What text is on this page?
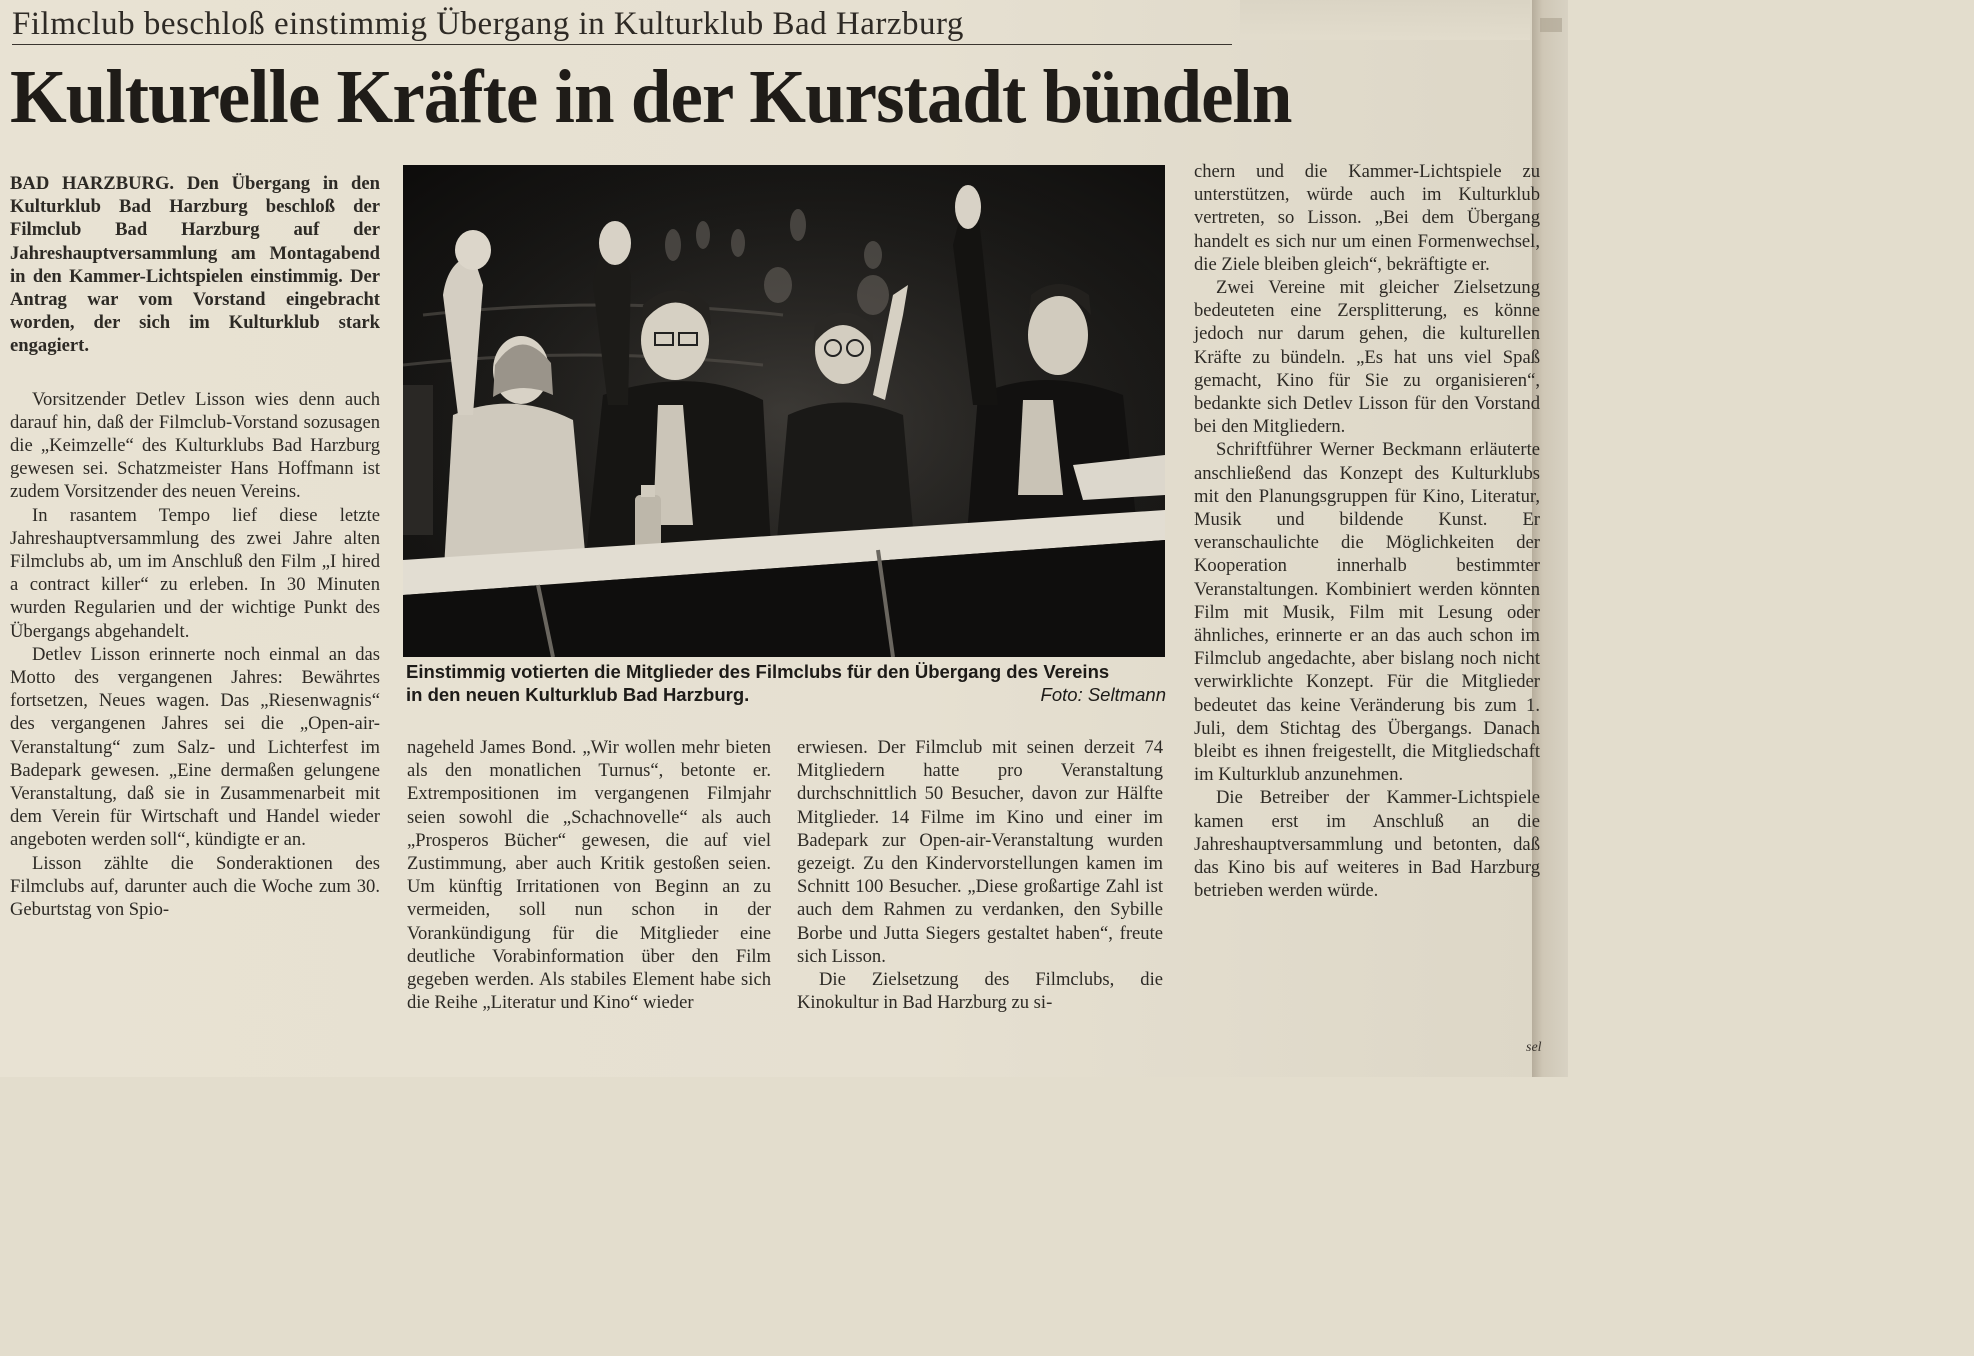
Filmclub beschloß einstimmig Übergang in Kulturklub Bad Harzburg
Kulturelle Kräfte in der Kurstadt bündeln

BAD HARZBURG. Den Übergang in den Kulturklub Bad Harzburg beschloß der Filmclub Bad Harzburg auf der Jahreshauptversammlung am Montagabend in den Kammer-Lichtspielen einstimmig. Der Antrag war vom Vorstand eingebracht worden, der sich im Kulturklub stark engagiert.

Vorsitzender Detlev Lisson wies denn auch darauf hin, daß der Filmclub-Vorstand sozusagen die „Keimzelle“ des Kulturklubs Bad Harzburg gewesen sei. Schatzmeister Hans Hoffmann ist zudem Vorsitzender des neuen Vereins.

In rasantem Tempo lief diese letzte Jahreshauptversammlung des zwei Jahre alten Filmclubs ab, um im Anschluß den Film „I hired a contract killer“ zu erleben. In 30 Minuten wurden Regularien und der wichtige Punkt des Übergangs abgehandelt.

Detlev Lisson erinnerte noch einmal an das Motto des vergangenen Jahres: Bewährtes fortsetzen, Neues wagen. Das „Riesenwagnis“ des vergangenen Jahres sei die „Open-air-Veranstaltung“ zum Salz- und Lichterfest im Badepark gewesen. „Eine dermaßen gelungene Veranstaltung, daß sie in Zusammenarbeit mit dem Verein für Wirtschaft und Handel wieder angeboten werden soll“, kündigte er an.

Lisson zählte die Sonderaktionen des Filmclubs auf, darunter auch die Woche zum 30. Geburtstag von Spio-

Einstimmig votierten die Mitglieder des Filmclubs für den Übergang des Vereins
in den neuen Kulturklub Bad Harzburg.	Foto: Seltmann

nageheld James Bond. „Wir wollen mehr bieten als den monatlichen Turnus“, betonte er. Extrempositionen im vergangenen Filmjahr seien sowohl die „Schachnovelle“ als auch „Prosperos Bücher“ gewesen, die auf viel Zustimmung, aber auch Kritik gestoßen seien. Um künftig Irritationen von Beginn an zu vermeiden, soll nun schon in der Vorankündigung für die Mitglieder eine deutliche Vorabinformation über den Film gegeben werden. Als stabiles Element habe sich die Reihe „Literatur und Kino“ wieder

erwiesen. Der Filmclub mit seinen derzeit 74 Mitgliedern hatte pro Veranstaltung durchschnittlich 50 Besucher, davon zur Hälfte Mitglieder. 14 Filme im Kino und einer im Badepark zur Open-air-Veranstaltung wurden gezeigt. Zu den Kindervorstellungen kamen im Schnitt 100 Besucher. „Diese großartige Zahl ist auch dem Rahmen zu verdanken, den Sybille Borbe und Jutta Siegers gestaltet haben“, freute sich Lisson.

Die Zielsetzung des Filmclubs, die Kinokultur in Bad Harzburg zu si-

chern und die Kammer-Lichtspiele zu unterstützen, würde auch im Kulturklub vertreten, so Lisson. „Bei dem Übergang handelt es sich nur um einen Formenwechsel, die Ziele bleiben gleich“, bekräftigte er.

Zwei Vereine mit gleicher Zielsetzung bedeuteten eine Zersplitterung, es könne jedoch nur darum gehen, die kulturellen Kräfte zu bündeln. „Es hat uns viel Spaß gemacht, Kino für Sie zu organisieren“, bedankte sich Detlev Lisson für den Vorstand bei den Mitgliedern.

Schriftführer Werner Beckmann erläuterte anschließend das Konzept des Kulturklubs mit den Planungsgruppen für Kino, Literatur, Musik und bildende Kunst. Er veranschaulichte die Möglichkeiten der Kooperation innerhalb bestimmter Veranstaltungen. Kombiniert werden könnten Film mit Musik, Film mit Lesung oder ähnliches, erinnerte er an das auch schon im Filmclub angedachte, aber bislang noch nicht verwirklichte Konzept. Für die Mitglieder bedeutet das keine Veränderung bis zum 1. Juli, dem Stichtag des Übergangs. Danach bleibt es ihnen freigestellt, die Mitgliedschaft im Kulturklub anzunehmen.

Die Betreiber der Kammer-Lichtspiele kamen erst im Anschluß an die Jahreshauptversammlung und betonten, daß das Kino bis auf weiteres in Bad Harzburg betrieben werden würde.

sel
